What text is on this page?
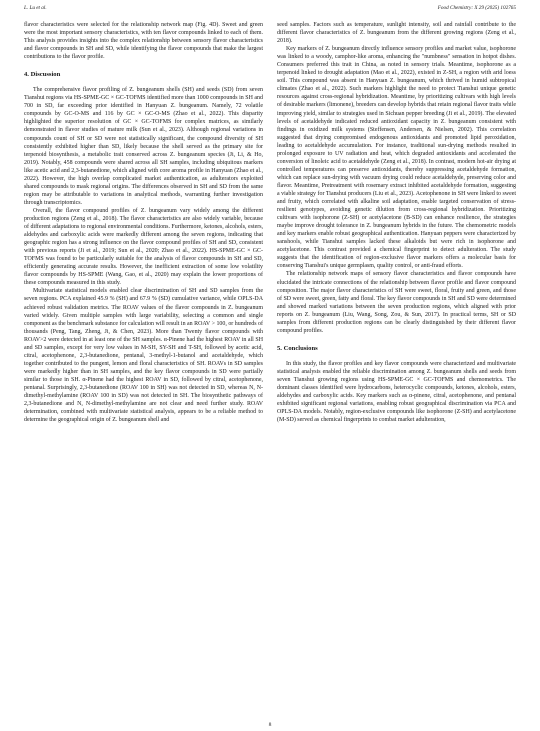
L. Lu et al.	Food Chemistry: X 29 (2025) 102765

flavor characteristics were selected for the relationship network map (Fig. 4D). Sweet and green were the most important sensory characteristics, with ten flavor compounds linked to each of them. This analysis provides insights into the complex relationship between sensory flavor characteristics and flavor compounds in SH and SD, while identifying the flavor compounds that make the largest contributions to the flavor profile.

4. Discussion

The comprehensive flavor profiling of Z. bungeanum shells (SH) and seeds (SD) from seven Tianshui regions via HS-SPME-GC × GC-TOFMS identified more than 1000 compounds in SH and 700 in SD, far exceeding prior identified in Hanyuan Z. bungeanum. Namely, 72 volatile compounds by GC-O-MS and 116 by GC × GC-O-MS (Zhao et al., 2022). This disparity highlighted the superior resolution of GC × GC-TOFMS for complex matrices, as similarly demonstrated in flavor studies of mature milk (Sun et al., 2023). Although regional variations in compounds count of SH or SD were not statistically significant, the compound diversity of SH consistently exhibited higher than SD, likely because the shell served as the primary site for terpenoid biosynthesis, a metabolic trait conserved across Z. bungeanum species (Ji, Li, & Ho, 2019). Notably, 458 compounds were shared across all SH samples, including ubiquitous markers like acetic acid and 2,3-butanedione, which aligned with core aroma profile in Hanyuan (Zhao et al., 2022). However, the high overlap complicated market authentication, as adulterators exploited shared compounds to mask regional origins. The differences observed in SH and SD from the same region may be attributable to variations in analytical methods, warranting further investigation through transcriptomics.

Overall, the flavor compound profiles of Z. bungeanum vary widely among the different production regions (Zeng et al., 2018). The flavor characteristics are also widely variable, because of different adaptations to regional environmental conditions. Furthermore, ketones, alcohols, esters, aldehydes and carboxylic acids were markedly different among the seven regions, indicating that geographic region has a strong influence on the flavor compound profiles of SH and SD, consistent with previous reports (Ji et al., 2019; Sun et al., 2020; Zhao et al., 2022). HS-SPME-GC × GC-TOFMS was found to be particularly suitable for the analysis of flavor compounds in SH and SD, efficiently generating accurate results. However, the inefficient extraction of some low volatility flavor compounds by HS-SPME (Wang, Gao, et al., 2020) may explain the lower proportions of these compounds measured in this study.

Multivariate statistical models enabled clear discrimination of SH and SD samples from the seven regions. PCA explained 45.9 % (SH) and 67.9 % (SD) cumulative variance, while OPLS-DA achieved robust validation metrics. The ROAV values of the flavor compounds in Z. bungeanum varied widely. Given multiple samples with large variability, selecting a common and single component as the benchmark substance for calculation will result in an ROAV > 100, or hundreds of thousands (Peng, Tang, Zheng, Ji, & Chen, 2023). More than Twenty flavor compounds with ROAV>2 were detected in at least one of the SH samples. α-Pinene had the highest ROAV in all SH and SD samples, except for very low values in M-SH, SY-SH and T-SH, followed by acetic acid, citral, acetophenone, 2,3-butanedione, pentanal, 3-methyl-1-butanol and acetaldehyde, which together contributed to the pungent, lemon and floral characteristics of SH. ROAVs in SD samples were markedly higher than in SH samples, and the key flavor compounds in SD were partially similar to those in SH. α-Pinene had the highest ROAV in SD, followed by citral, acetophenone, pentanal. Surprisingly, 2,3-butanedione (ROAV 100 in SH) was not detected in SD, whereas N, N-dimethyl-methylamine (ROAV 100 in SD) was not detected in SH. The biosynthetic pathways of 2,3-butanedione and N, N-dimethyl-methylamine are not clear and need further study. ROAV determination, combined with multivariate statistical analysis, appears to be a reliable method to determine the geographical origin of Z. bungeanum shell and

seed samples. Factors such as temperature, sunlight intensity, soil and rainfall contribute to the different flavor characteristics of Z. bungeanum from the different growing regions (Zeng et al., 2018).

Key markers of Z. bungeanum directly influence sensory profiles and market value, isophorone was linked to a woody, camphor-like aroma, enhancing the "numbness" sensation in hotpot dishes. Consumers preferred this trait in China, as noted in sensory trials. Meantime, isophorone as a terpenoid linked to drought adaptation (Mao et al., 2022), existed in Z-SH, a region with arid loess soil. This compound was absent in Hanyuan Z. bungeanum, which thrived in humid subtropical climates (Zhao et al., 2022). Such markers highlight the need to protect Tianshui unique genetic resources against cross-regional hybridization. Meantime, by prioritizing cultivars with high levels of desirable markers (limonene), breeders can develop hybrids that retain regional flavor traits while improving yield, similar to strategies used in Sichuan pepper breeding (Ji et al., 2019). The elevated levels of acetaldehyde indicated reduced antioxidant capacity in Z. bungeanum consistent with findings in oxidized milk systems (Steffensen, Andersen, & Nielsen, 2002). This correlation suggested that drying compromised endogenous antioxidants and promoted lipid peroxidation, leading to acetaldehyde accumulation. For instance, traditional sun-drying methods resulted in prolonged exposure to UV radiation and heat, which degraded antioxidants and accelerated the conversion of linoleic acid to acetaldehyde (Zeng et al., 2018). In contrast, modern hot-air drying at controlled temperatures can preserve antioxidants, thereby suppressing acetaldehyde formation, which can replace sun-drying with vacuum drying could reduce acetaldehyde, preserving color and flavor. Meantime, Pretreatment with rosemary extract inhibited acetaldehyde formation, suggesting a viable strategy for Tianshui producers (Liu et al., 2023). Acetophenone in SH were linked to sweet and fruity, which correlated with alkaline soil adaptation, enable targeted conservation of stress-resilient genotypes, avoiding genetic dilution from cross-regional hybridization. Prioritizing cultivars with isophorone (Z-SH) or acetylacetone (B-SD) can enhance resilience, the strategies maybe improve drought tolerance in Z. bungeanum hybrids in the future. The chemometric models and key markers enable robust geographical authentication. Hanyuan peppers were characterized by sanshools, while Tianshui samples lacked these alkaloids but were rich in isophorone and acetylacetone. This contrast provided a chemical fingerprint to detect adulteration. The study suggests that the identification of region-exclusive flavor markers offers a molecular basis for conserving Tianshui's unique germplasm, quality control, or anti-fraud efforts.

The relationship network maps of sensory flavor characteristics and flavor compounds have elucidated the intricate connections of the relationship between flavor profile and flavor compound composition. The major flavor characteristics of SH were sweet, floral, fruity and green, and those of SD were sweet, green, fatty and floral. The key flavor compounds in SH and SD were determined and showed marked variations between the seven production regions, which aligned with prior reports on Z. bungeanum (Liu, Wang, Song, Zou, & Sun, 2017). In practical terms, SH or SD samples from different production regions can be clearly distinguished by their different flavor compound profiles.

5. Conclusions

In this study, the flavor profiles and key flavor compounds were characterized and multivariate statistical analysis enabled the reliable discrimination among Z. bungeanum shells and seeds from seven Tianshui growing regions using HS-SPME-GC × GC-TOFMS and chemometrics. The dominant classes identified were hydrocarbons, heterocyclic compounds, ketones, alcohols, esters, aldehydes and carboxylic acids. Key markers such as α-pinene, citral, acetophenone, and pentanal exhibited significant regional variations, enabling robust geographical discrimination via PCA and OPLS-DA models. Notably, region-exclusive compounds like isophorone (Z-SH) and acetylacetone (M-SD) served as chemical fingerprints to combat market adulteration,

8
